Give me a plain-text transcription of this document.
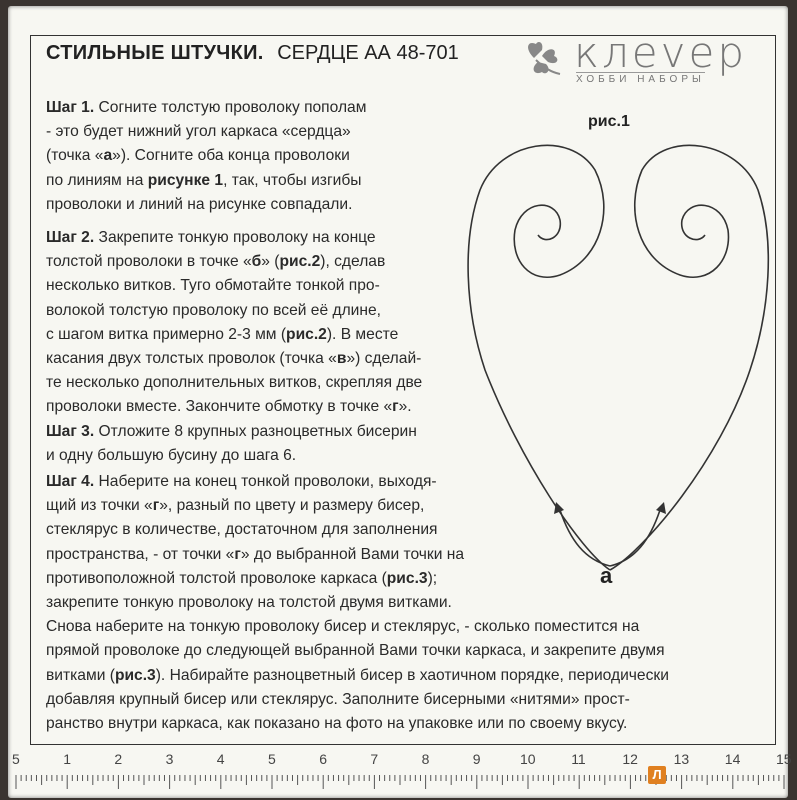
СТИЛЬНЫЕ ШТУЧКИ. СЕРДЦЕ АА 48-701	клеvер
ХОББИ НАБОРЫ
Шаг 1. Согните толстую проволоку пополам
- это будет нижний угол каркаса «сердца»
(точка «а»). Согните оба конца проволоки
по линиям на рисунке 1, так, чтобы изгибы
проволоки и линий на рисунке совпадали.
Шаг 2. Закрепите тонкую проволоку на конце
толстой проволоки в точке «б» (рис.2), сделав
несколько витков. Туго обмотайте тонкой про-
волокой толстую проволоку по всей её длине,
с шагом витка примерно 2-3 мм (рис.2). В месте
касания двух толстых проволок (точка «в») сделай-
те несколько дополнительных витков, скрепляя две
проволоки вместе. Закончите обмотку в точке «г».
Шаг 3. Отложите 8 крупных разноцветных бисерин
и одну большую бусину до шага 6.
Шаг 4. Наберите на конец тонкой проволоки, выходя-
щий из точки «г», разный по цвету и размеру бисер,
стеклярус в количестве, достаточном для заполнения
пространства, - от точки «г» до выбранной Вами точки на
противоположной толстой проволоке каркаса (рис.3);
закрепите тонкую проволоку на толстой двумя витками.
Снова наберите на тонкую проволоку бисер и стеклярус, - сколько поместится на
прямой проволоке до следующей выбранной Вами точки каркаса, и закрепите двумя
витками (рис.3). Набирайте разноцветный бисер в хаотичном порядке, периодически
добавляя крупный бисер или стеклярус. Заполните бисерными «нитями» прост-
ранство внутри каркаса, как показано на фото на упаковке или по своему вкусу.
рис.1
а
5	1	2	3	4	5	6	7	8	9	10	11	12	13	14	15
Л
